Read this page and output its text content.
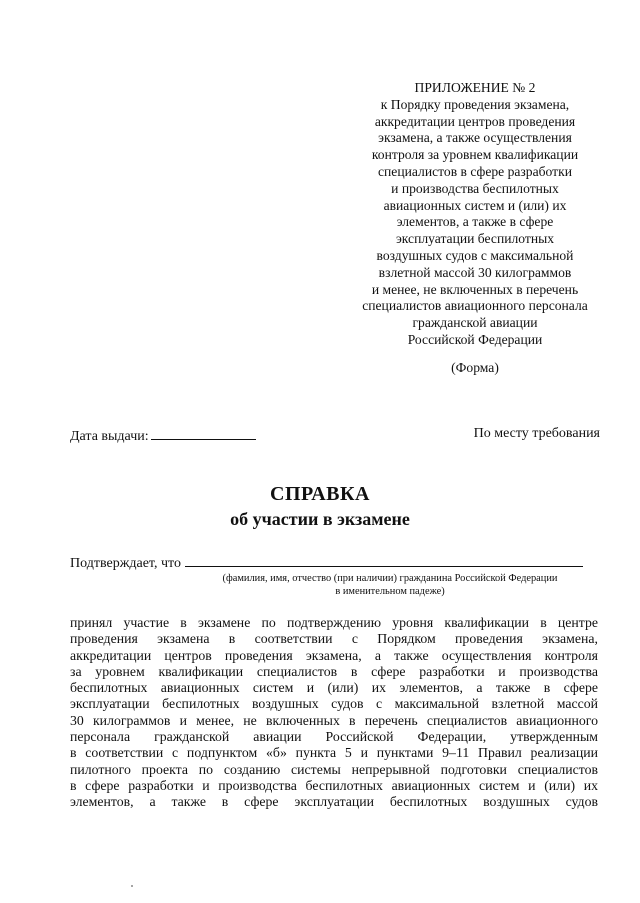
ПРИЛОЖЕНИЕ № 2
к Порядку проведения экзамена,
аккредитации центров проведения
экзамена, а также осуществления
контроля за уровнем квалификации
специалистов в сфере разработки
и производства беспилотных
авиационных систем и (или) их
элементов, а также в сфере
эксплуатации беспилотных
воздушных судов с максимальной
взлетной массой 30 килограммов
и менее, не включенных в перечень
специалистов авиационного персонала
гражданской авиации
Российской Федерации
(Форма)
Дата выдачи:	По месту требования
СПРАВКА
об участии в экзамене
Подтверждает, что
(фамилия, имя, отчество (при наличии) гражданина Российской Федерации
в именительном падеже)
принял участие в экзамене по подтверждению уровня квалификации в центре
проведения экзамена в соответствии с Порядком проведения экзамена,
аккредитации центров проведения экзамена, а также осуществления контроля
за уровнем квалификации специалистов в сфере разработки и производства
беспилотных авиационных систем и (или) их элементов, а также в сфере
эксплуатации беспилотных воздушных судов с максимальной взлетной массой
30 килограммов и менее, не включенных в перечень специалистов авиационного
персонала гражданской авиации Российской Федерации, утвержденным
в соответствии с подпунктом «б» пункта 5 и пунктами 9–11 Правил реализации
пилотного проекта по созданию системы непрерывной подготовки специалистов
в сфере разработки и производства беспилотных авиационных систем и (или) их
элементов, а также в сфере эксплуатации беспилотных воздушных судов
